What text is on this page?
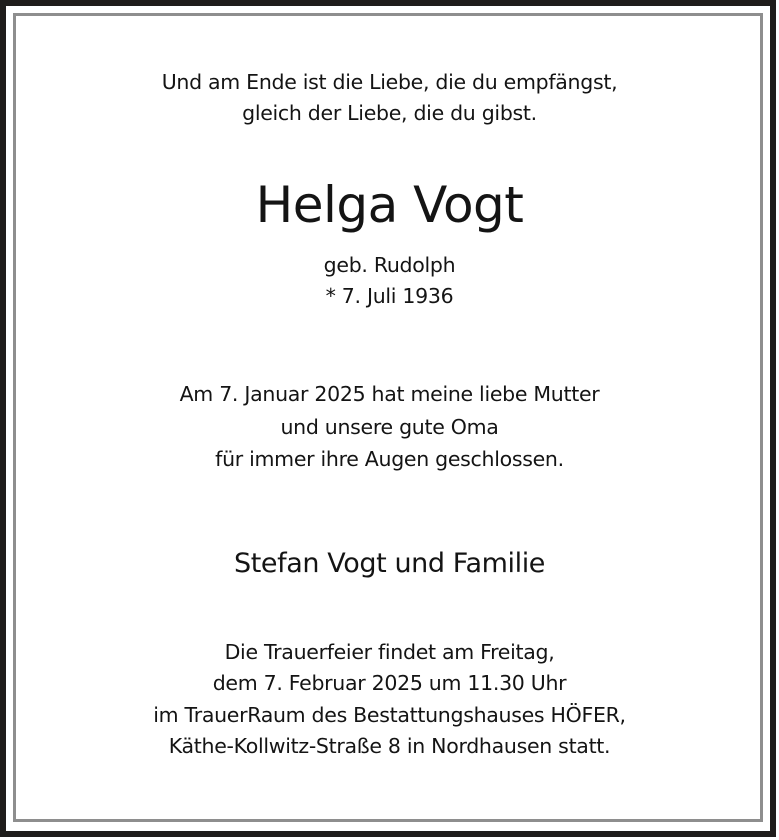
Und am Ende ist die Liebe, die du empfängst,
gleich der Liebe, die du gibst.
Helga Vogt
geb. Rudolph
* 7. Juli 1936
Am 7. Januar 2025 hat meine liebe Mutter
und unsere gute Oma
für immer ihre Augen geschlossen.
Stefan Vogt und Familie
Die Trauerfeier findet am Freitag,
dem 7. Februar 2025 um 11.30 Uhr
im TrauerRaum des Bestattungshauses HÖFER,
Käthe-Kollwitz-Straße 8 in Nordhausen statt.
